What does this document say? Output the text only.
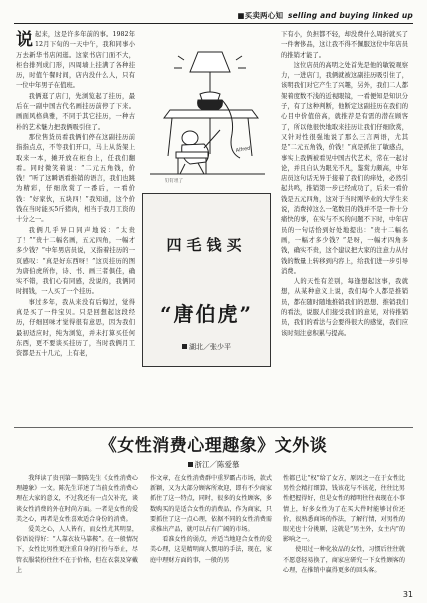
■买卖两心知 selling and buying linked up

说起来，这是许多年前的事。1982年12月下旬的一天中午，我和同事小万去新华书店闲逛。这家书店门面不大，柜台排列成门形，四周墙上挂满了各种挂历，时值午餐时间，店内没什么人，只有一位中年男子在值班。

我俩逛了店门，先浏览起了挂历，最后在一副中国古代名画挂历前停了下来。画面风格典雅，不同于其它挂历，一种古朴的艺术魅力把我俩吸引住了。

那位售货员看我俩们停在这副挂历前指指点点，不等我们开口，马上从货架上取来一本，摊开放在柜台上，任我们翻看。同时微笑着说：“二元五角钱，价钱！”听了这瞬语看推销的语言，我们也跳为精彩，仔细欣赏了一番后，一看价钱：“好家伙，五块四！”我知道，这个价钱在当时能买5斤猪肉，相当于我月工资的十分之一。

我俩几乎异口同声地说：“太贵了！”“贵十二幅名画，五元四角，一幅才多少钱？”中年男店员说，又指着挂历的一页感叹：“真是好东西呀！”这页挂历的图为唐伯虎所作，诗、书、画三者俱佳，确实不错，我们心有同感，没说的，我俩同时拥钱，一人买了一个挂历。

事过多年，我从来没有后悔过，觉得真是买了一件宝贝。只是回想起这段经历，仔细回味才觉得很有意思，因为我们最初适应时，纯为浏览，并未打算买任何东西，更不要谈买挂历了，当时我俩月工资都是五十几元，上有老，

Alfred
钉钉坦了
四毛钱买
“唐伯虎”
湖北／张少平

下有小，负担都不轻，却没费什么周折就买了一件奢侈品，这让我不得不佩服这位中年店员的推销才能了。

这位店员的高明之处首先是他的敏锐观察力，一进店门，我俩就被这副挂历吸引住了，该明我们对它产生了兴趣，另外，我们二人都架着度数不浅的近视眼镜，一看便知是知识分子，有了这种判断，他断定这副挂历在我们的心目中价值倍高，就推荐是有需的潜在顾客了，所以他很快地取来挂历让我们仔细欣赏，又针对性很强地说了那么三言两语，尤其是“二元五角钱，价钱！”真是抓住了敏感点，事实上我俩被看见中国古代艺术，常在一起讨论，并且自认为眼光不凡，鉴赏力颇高，中年店员这句话无异于接着了我们的痒处，必然引起共鸣，推销第一步已经成功了，后来一看价钱是五元四角，这对于当时刚毕业的大学生来说，消费掉这么一笔数目的钱并不是一件十分痛快的事，在实与不买的问题不下时，中年店员的一句话恰到好处地提出：“贵十二幅名画，一幅才多少钱？”是呀，一幅才四角多钱，确实不贵，这个建议把大家的注意力从付钱的数量上转移到内容上，给我们进一步引导消费。

人的天性有差别，每逢想起这事，我就想，从某种意义上说，我们每个人都是推销员，都在随时随地推销我们的思想、推销我们的看法，说服人们接受我们的意见，对待推销员，我们的看法与会要得很大的感觉，我们应该时刻注意积累与提高。

《女性消费心理趣象》文外谈
浙江／陈爱慕

我拜读了贵刊第一期陈先生《女性消费心理趣象》一文。陈先生详述了当前女性消费心理在大家的意义，不过我还有一点欠补充，谈谈女性消费的外在时尚方面。一者是女性的爱美之心，再者是女性喜欢适合身份的消费。

爱美之心，人人皆有，而女性尤其明显，俗语说得好：“人靠衣妆马靠鞍”。在一般情况下，女性比男性更注重自身的打扮与举止，尽管衣服装扮往往不在于价格，但在衣裳及穿戴上

作文章，在女性消费群中重罗霸占市场，款式新颖，又为大部分顾客所欢迎，即有不少商家抓住了这一特点，同时，很多的女性顾客，多数购买的是适合女性的消费品，作为商家，只要抓住了这一点心理，依据不同的女性消费需求推出产品，就可以占有广阔的市场。

看准女性的弱点，并适当地迎合女性的爱美心理，这是精明商人惯用的手法，现在，家庭中理财方面的事，一般的男

性都已让“权”给了女方，原因之一在于女性比男性会精打细算，钱该花与不该花，往往比男性把握得好，但是女性的精明往往表现在小事情上，好多女性为了在买大件时能够讨价还价，很熟悉商场的作法，了解行情，对男性的眼光也十分挑剔，这就是“男主外，女主内”的影响之一。

使用过一种化妆品的女性，习惯后往往就不愿意轻易换了，商家应研究一下女性顾客的心理，在推销中赢得更多的回头客。

31
